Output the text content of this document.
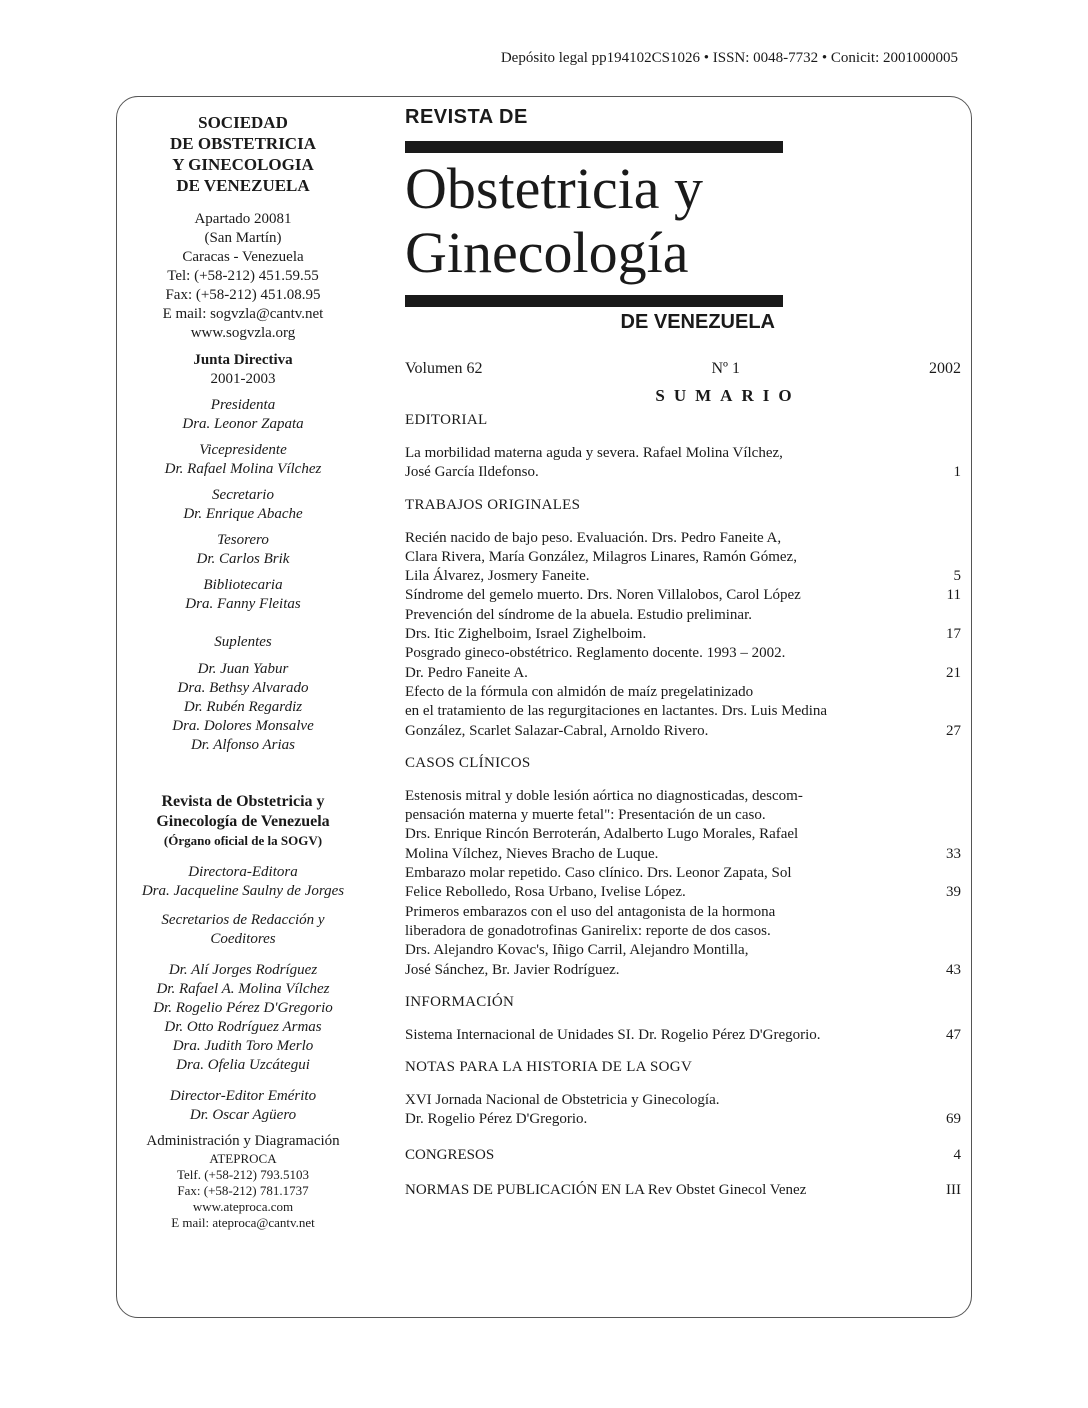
Depósito legal pp194102CS1026 • ISSN: 0048-7732 • Conicit: 2001000005
SOCIEDAD
DE OBSTETRICIA
Y GINECOLOGIA
DE VENEZUELA
Apartado 20081
(San Martín)
Caracas - Venezuela
Tel: (+58-212) 451.59.55
Fax: (+58-212) 451.08.95
E mail: sogvzla@cantv.net
www.sogvzla.org
Junta Directiva
2001-2003
Presidenta
Dra. Leonor Zapata
Vicepresidente
Dr. Rafael Molina Vílchez
Secretario
Dr. Enrique Abache
Tesorero
Dr. Carlos Brik
Bibliotecaria
Dra. Fanny Fleitas
Suplentes
Dr. Juan Yabur
Dra. Bethsy Alvarado
Dr. Rubén Regardiz
Dra. Dolores Monsalve
Dr. Alfonso Arias
Revista de Obstetricia y
Ginecología de Venezuela
(Órgano oficial de la SOGV)
Directora-Editora
Dra. Jacqueline Saulny de Jorges
Secretarios de Redacción y
Coeditores
Dr. Alí Jorges Rodríguez
Dr. Rafael A. Molina Vílchez
Dr. Rogelio Pérez D'Gregorio
Dr. Otto Rodríguez Armas
Dra. Judith Toro Merlo
Dra. Ofelia Uzcátegui
Director-Editor Emérito
Dr. Oscar Agüero
Administración y Diagramación
ATEPROCA
Telf. (+58-212) 793.5103
Fax: (+58-212) 781.1737
www.ateproca.com
E mail: ateproca@cantv.net
REVISTA DE
Obstetricia y
Ginecología
DE VENEZUELA
Volumen 62	Nº 1	2002
SUMARIO
EDITORIAL
La morbilidad materna aguda y severa. Rafael Molina Vílchez,
José García Ildefonso.	1
TRABAJOS ORIGINALES
Recién nacido de bajo peso. Evaluación. Drs. Pedro Faneite A,
Clara Rivera, María González, Milagros Linares, Ramón Gómez,
Lila Álvarez, Josmery Faneite.	5
Síndrome del gemelo muerto. Drs. Noren Villalobos, Carol López	11
Prevención del síndrome de la abuela. Estudio preliminar.
Drs. Itic Zighelboim, Israel Zighelboim.	17
Posgrado gineco-obstétrico. Reglamento docente. 1993 – 2002.
Dr. Pedro Faneite A.	21
Efecto de la fórmula con almidón de maíz pregelatinizado
en el tratamiento de las regurgitaciones en lactantes. Drs. Luis Medina
González, Scarlet Salazar-Cabral, Arnoldo Rivero.	27
CASOS CLÍNICOS
Estenosis mitral y doble lesión aórtica no diagnosticadas, descom-
pensación materna y muerte fetal": Presentación de un caso.
Drs. Enrique Rincón Berroterán, Adalberto Lugo Morales, Rafael
Molina Vílchez, Nieves Bracho de Luque.	33
Embarazo molar repetido. Caso clínico. Drs. Leonor Zapata, Sol
Felice Rebolledo, Rosa Urbano, Ivelise López.	39
Primeros embarazos con el uso del antagonista de la hormona
liberadora de gonadotrofinas Ganirelix: reporte de dos casos.
Drs. Alejandro Kovac's, Iñigo Carril, Alejandro Montilla,
José Sánchez, Br. Javier Rodríguez.	43
INFORMACIÓN
Sistema Internacional de Unidades SI. Dr. Rogelio Pérez D'Gregorio.	47
NOTAS PARA LA HISTORIA DE LA SOGV
XVI Jornada Nacional de Obstetricia y Ginecología.
Dr. Rogelio Pérez D'Gregorio.	69
CONGRESOS	4
NORMAS DE PUBLICACIÓN EN LA Rev Obstet Ginecol Venez	III
